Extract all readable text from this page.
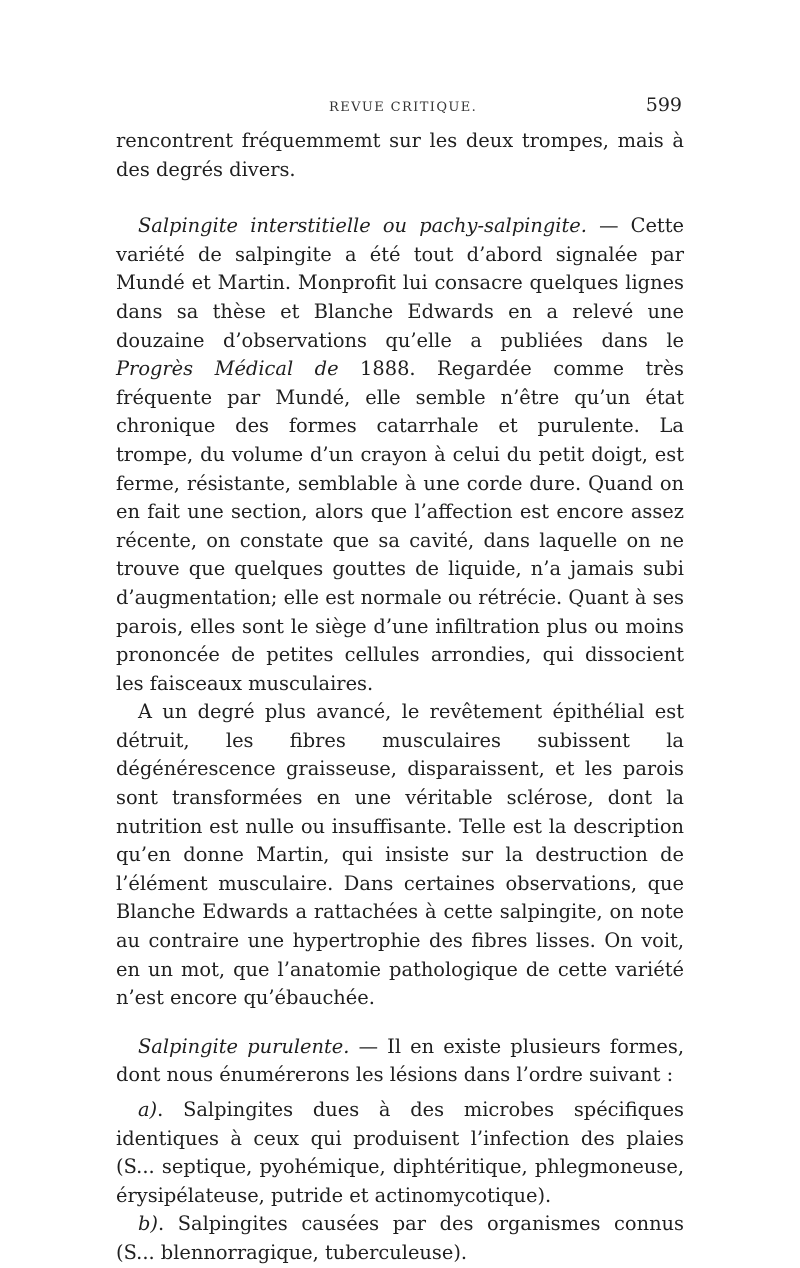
REVUE CRITIQUE.	599

rencontrent fréquemmemt sur les deux trompes, mais à des degrés divers.

Salpingite interstitielle ou pachy-salpingite. — Cette variété de salpingite a été tout d’abord signalée par Mundé et Martin. Monprofit lui consacre quelques lignes dans sa thèse et Blanche Edwards en a relevé une douzaine d’observations qu’elle a publiées dans le Progrès Médical de 1888. Regardée comme très fréquente par Mundé, elle semble n’être qu’un état chronique des formes catarrhale et purulente. La trompe, du volume d’un crayon à celui du petit doigt, est ferme, résistante, semblable à une corde dure. Quand on en fait une section, alors que l’affection est encore assez récente, on constate que sa cavité, dans laquelle on ne trouve que quelques gouttes de liquide, n’a jamais subi d’augmentation; elle est normale ou rétrécie. Quant à ses parois, elles sont le siège d’une infiltration plus ou moins prononcée de petites cellules arrondies, qui dissocient les faisceaux musculaires.

A un degré plus avancé, le revêtement épithélial est détruit, les fibres musculaires subissent la dégénérescence graisseuse, disparaissent, et les parois sont transformées en une véritable sclérose, dont la nutrition est nulle ou insuffisante. Telle est la description qu’en donne Martin, qui insiste sur la destruction de l’élément musculaire. Dans certaines observations, que Blanche Edwards a rattachées à cette salpingite, on note au contraire une hypertrophie des fibres lisses. On voit, en un mot, que l’anatomie pathologique de cette variété n’est encore qu’ébauchée.

Salpingite purulente. — Il en existe plusieurs formes, dont nous énumérerons les lésions dans l’ordre suivant :

a). Salpingites dues à des microbes spécifiques identiques à ceux qui produisent l’infection des plaies (S... septique, pyohémique, diphtéritique, phlegmoneuse, érysipélateuse, putride et actinomycotique).

b). Salpingites causées par des organismes connus (S... blennorragique, tuberculeuse).
